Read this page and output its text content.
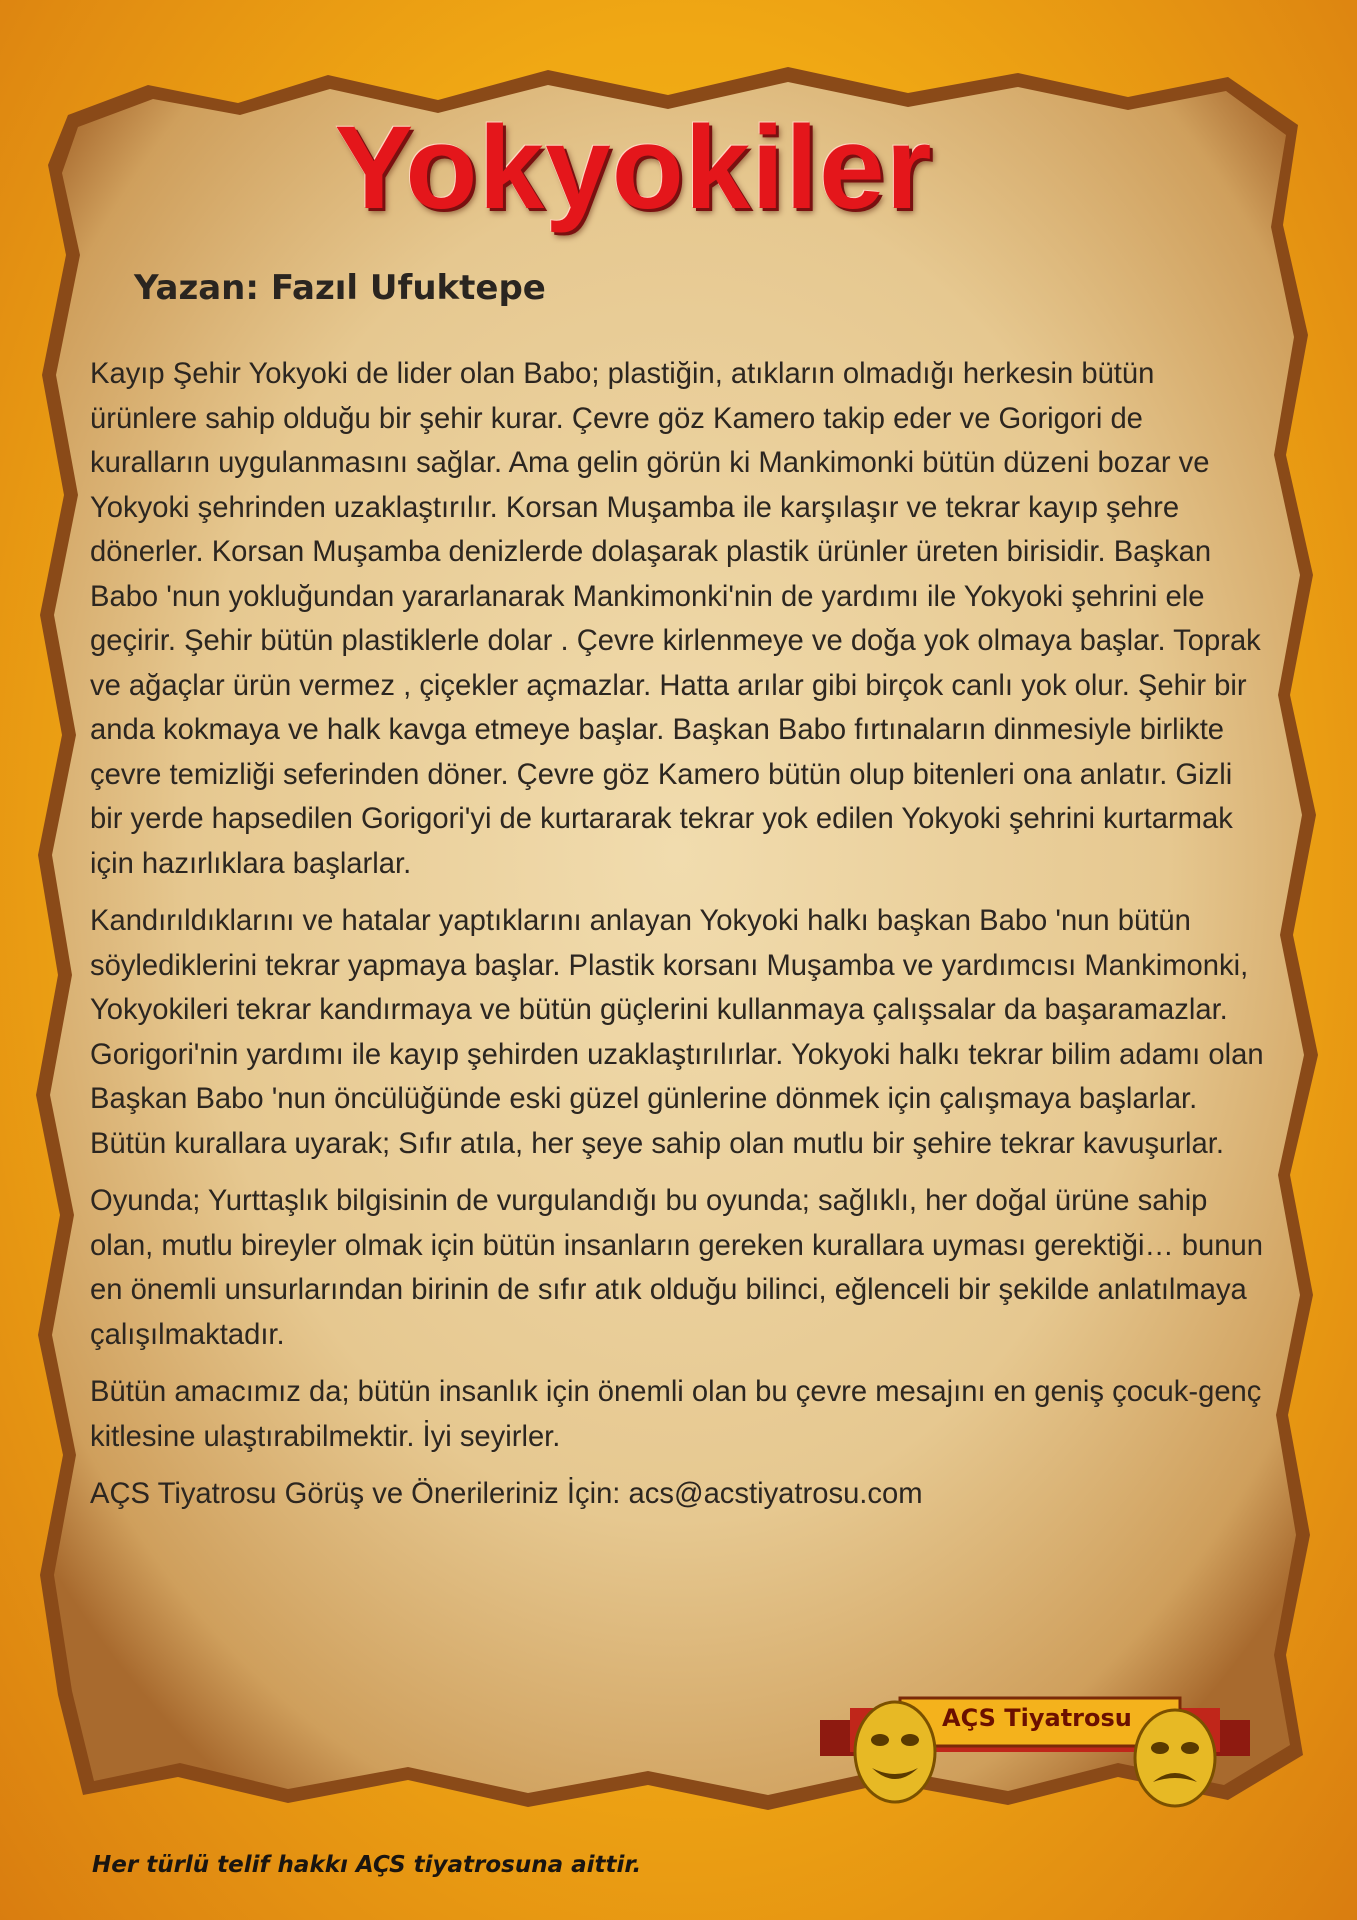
Yokyokiler
Yazan: Fazıl Ufuktepe

Kayıp Şehir Yokyoki de lider olan Babo; plastiğin, atıkların olmadığı herkesin bütün ürünlere sahip olduğu bir şehir kurar. Çevre göz Kamero takip eder ve Gorigori de kuralların uygulanmasını sağlar. Ama gelin görün ki Mankimonki bütün düzeni bozar ve Yokyoki şehrinden uzaklaştırılır. Korsan Muşamba ile karşılaşır ve tekrar kayıp şehre dönerler. Korsan Muşamba denizlerde dolaşarak plastik ürünler üreten birisidir. Başkan Babo 'nun yokluğundan yararlanarak Mankimonki'nin de yardımı ile Yokyoki şehrini ele geçirir. Şehir bütün plastiklerle dolar . Çevre kirlenmeye ve doğa yok olmaya başlar. Toprak ve ağaçlar ürün vermez , çiçekler açmazlar. Hatta arılar gibi birçok canlı yok olur. Şehir bir anda kokmaya ve halk kavga etmeye başlar. Başkan Babo fırtınaların dinmesiyle birlikte çevre temizliği seferinden döner. Çevre göz Kamero bütün olup bitenleri ona anlatır. Gizli bir yerde hapsedilen Gorigori'yi de kurtararak tekrar yok edilen Yokyoki şehrini kurtarmak için hazırlıklara başlarlar.

Kandırıldıklarını ve hatalar yaptıklarını anlayan Yokyoki halkı başkan Babo 'nun bütün söylediklerini tekrar yapmaya başlar. Plastik korsanı Muşamba ve yardımcısı Mankimonki, Yokyokileri tekrar kandırmaya ve bütün güçlerini kullanmaya çalışsalar da başaramazlar. Gorigori'nin yardımı ile kayıp şehirden uzaklaştırılırlar. Yokyoki halkı tekrar bilim adamı olan Başkan Babo 'nun öncülüğünde eski güzel günlerine dönmek için çalışmaya başlarlar. Bütün kurallara uyarak; Sıfır atıla, her şeye sahip olan mutlu bir şehire tekrar kavuşurlar.

Oyunda; Yurttaşlık bilgisinin de vurgulandığı bu oyunda; sağlıklı, her doğal ürüne sahip olan, mutlu bireyler olmak için bütün insanların gereken kurallara uyması gerektiği… bunun en önemli unsurlarından birinin de sıfır atık olduğu bilinci, eğlenceli bir şekilde anlatılmaya çalışılmaktadır.

Bütün amacımız da; bütün insanlık için önemli olan bu çevre mesajını en geniş çocuk-genç kitlesine ulaştırabilmektir. İyi seyirler.

AÇS Tiyatrosu Görüş ve Önerileriniz İçin: acs@acstiyatrosu.com

AÇS Tiyatrosu
Her türlü telif hakkı AÇS tiyatrosuna aittir.
